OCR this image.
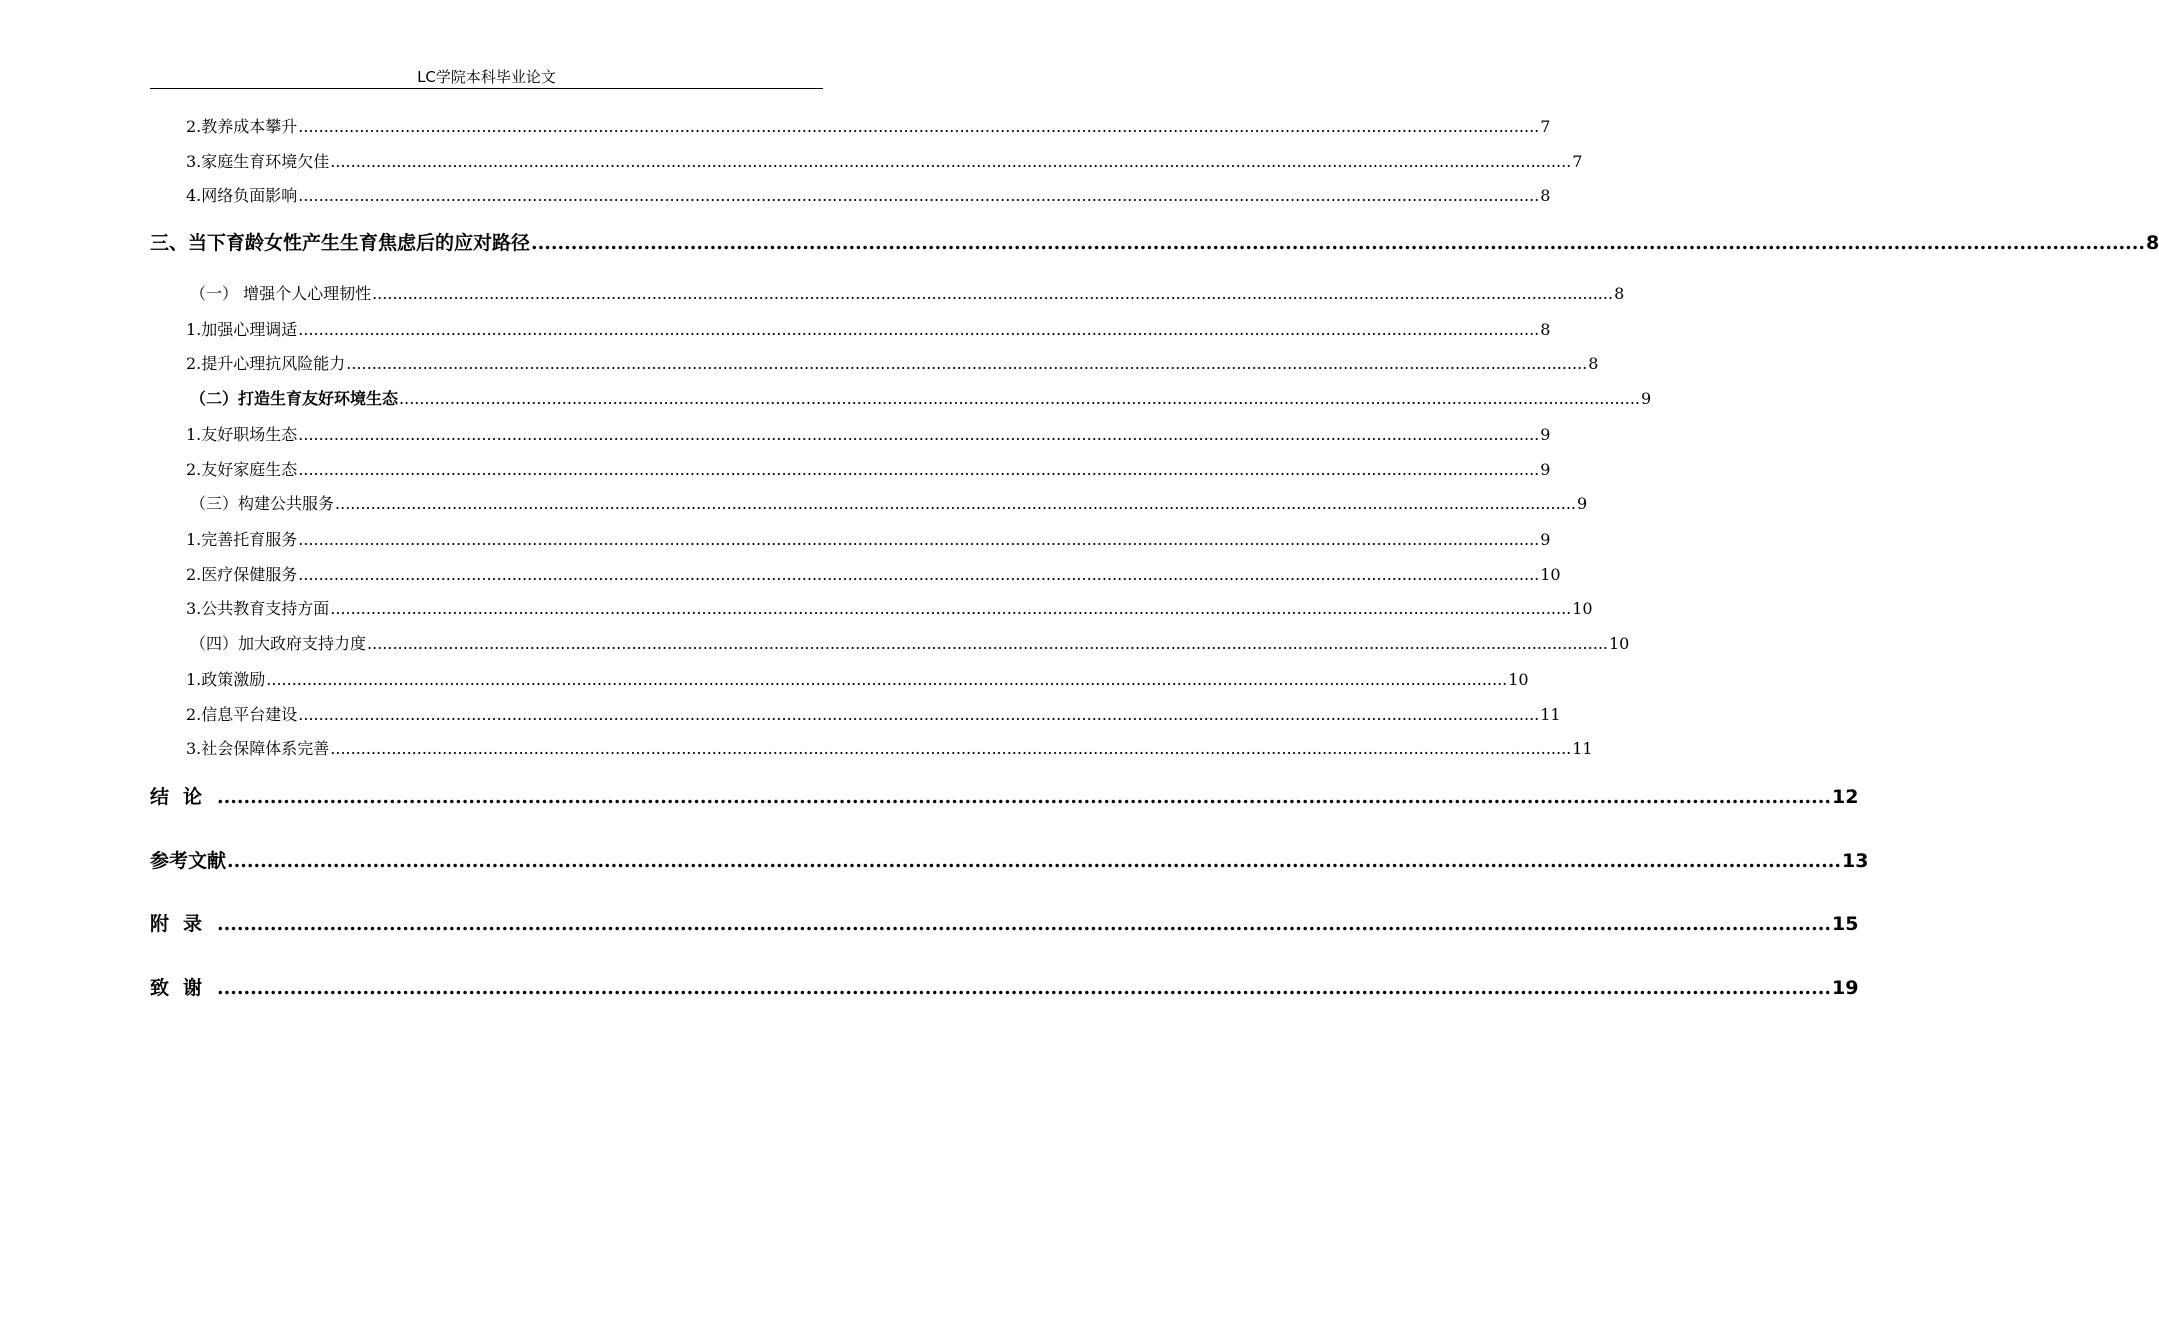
LC学院本科毕业论文
2.教养成本攀升 .................................................................................................................................................................................................................................................... 7
3.家庭生育环境欠佳 .................................................................................................................................................................................................................................................... 7
4.网络负面影响 .................................................................................................................................................................................................................................................... 8
三、当下育龄女性产生生育焦虑后的应对路径 .................................................................................................................................................................................................................................................... 8
（一） 增强个人心理韧性 .................................................................................................................................................................................................................................................... 8
1.加强心理调适 .................................................................................................................................................................................................................................................... 8
2.提升心理抗风险能力 .................................................................................................................................................................................................................................................... 8
（二）打造生育友好环境生态 .................................................................................................................................................................................................................................................... 9
1.友好职场生态 .................................................................................................................................................................................................................................................... 9
2.友好家庭生态 .................................................................................................................................................................................................................................................... 9
（三）构建公共服务 .................................................................................................................................................................................................................................................... 9
1.完善托育服务 .................................................................................................................................................................................................................................................... 9
2.医疗保健服务 .................................................................................................................................................................................................................................................... 10
3.公共教育支持方面 .................................................................................................................................................................................................................................................... 10
（四）加大政府支持力度 .................................................................................................................................................................................................................................................... 10
1.政策激励 .................................................................................................................................................................................................................................................... 10
2.信息平台建设 .................................................................................................................................................................................................................................................... 11
3.社会保障体系完善 .................................................................................................................................................................................................................................................... 11
结论 .................................................................................................................................................................................................................................................... 12
参考文献 .................................................................................................................................................................................................................................................... 13
附录 .................................................................................................................................................................................................................................................... 15
致谢 .................................................................................................................................................................................................................................................... 19
